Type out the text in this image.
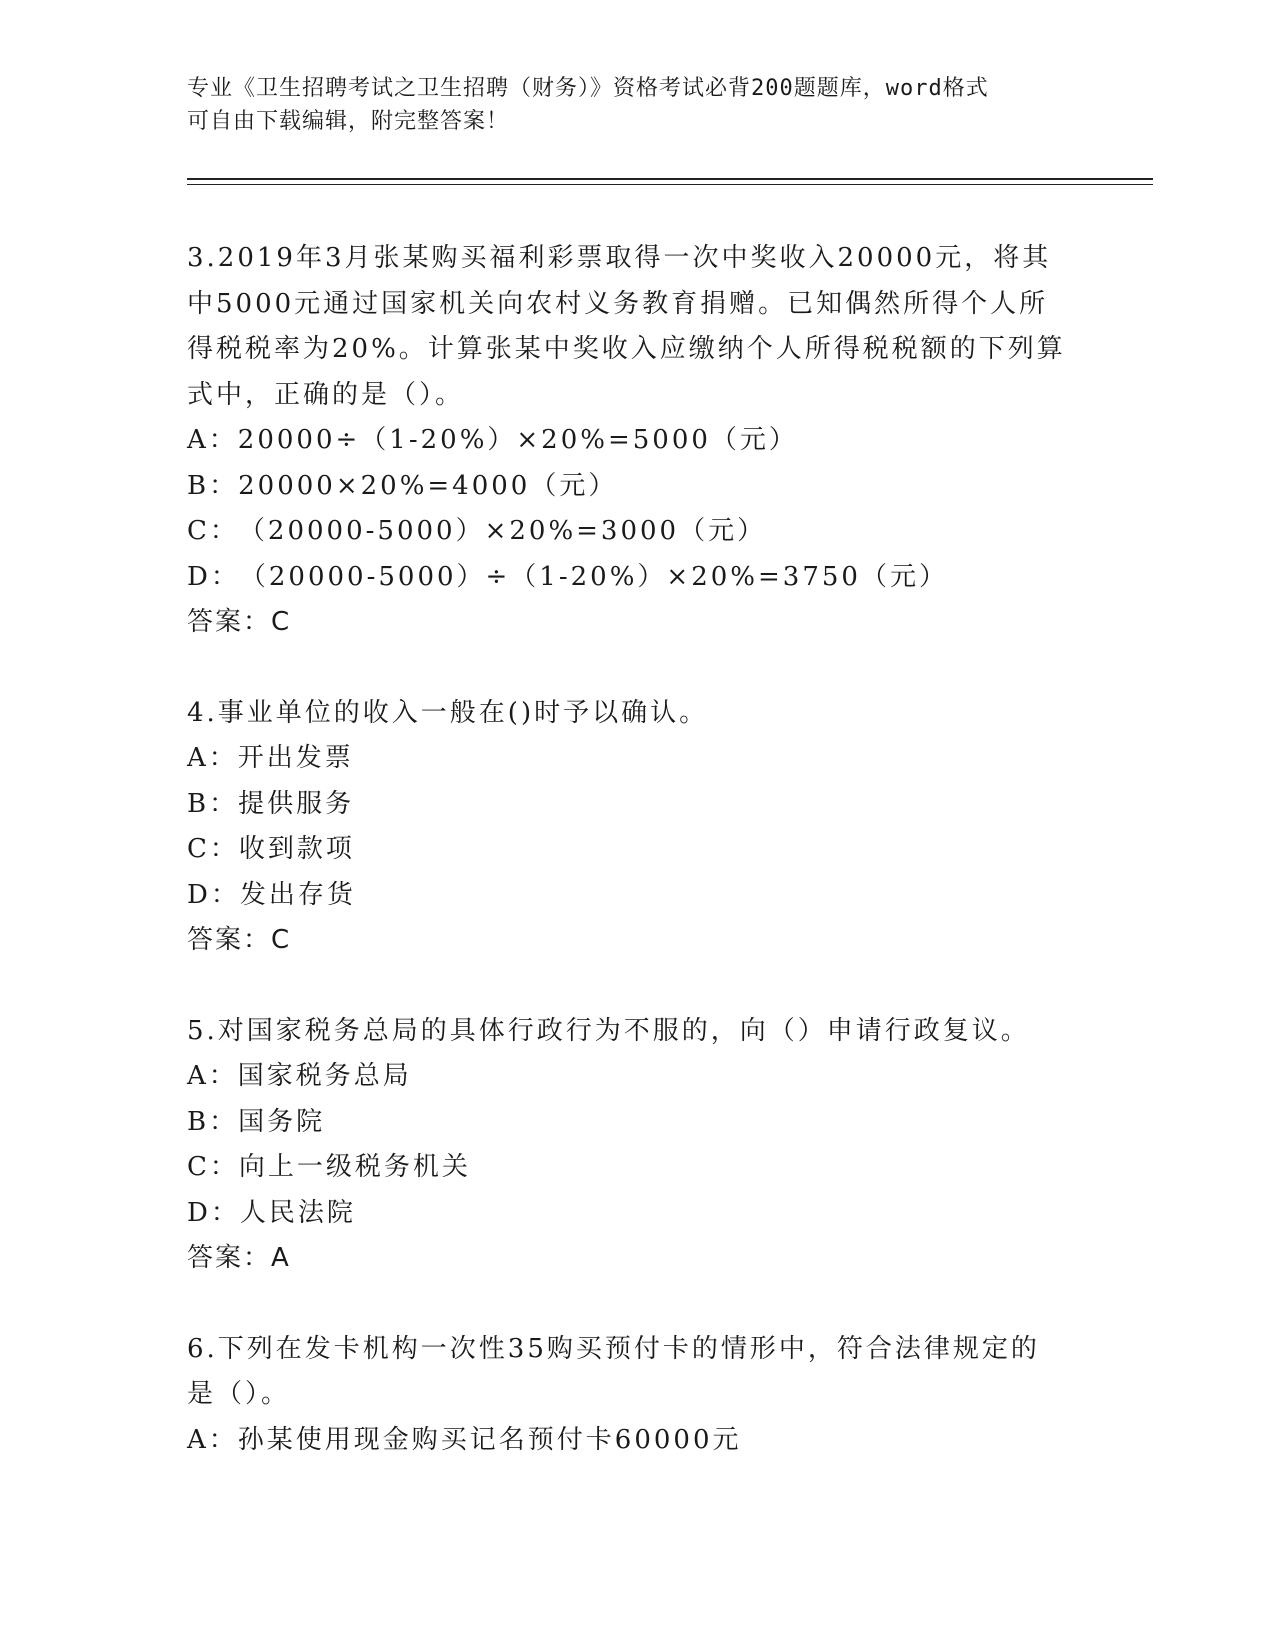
专业《卫生招聘考试之卫生招聘（财务）》资格考试必背200题题库，word格式
可自由下载编辑，附完整答案！

3.2019年3月张某购买福利彩票取得一次中奖收入20000元，将其中5000元通过国家机关向农村义务教育捐赠。已知偶然所得个人所得税税率为20%。计算张某中奖收入应缴纳个人所得税税额的下列算式中，正确的是（）。

A：20000÷（1-20%）×20%=5000（元）
B：20000×20%=4000（元）
C：（20000-5000）×20%=3000（元）
D：（20000-5000）÷（1-20%）×20%=3750（元）
答案：C

4.事业单位的收入一般在()时予以确认。

A：开出发票
B：提供服务
C：收到款项
D：发出存货
答案：C

5.对国家税务总局的具体行政行为不服的，向（）申请行政复议。

A：国家税务总局
B：国务院
C：向上一级税务机关
D：人民法院
答案：A

6.下列在发卡机构一次性35购买预付卡的情形中，符合法律规定的是（）。

A：孙某使用现金购买记名预付卡60000元
